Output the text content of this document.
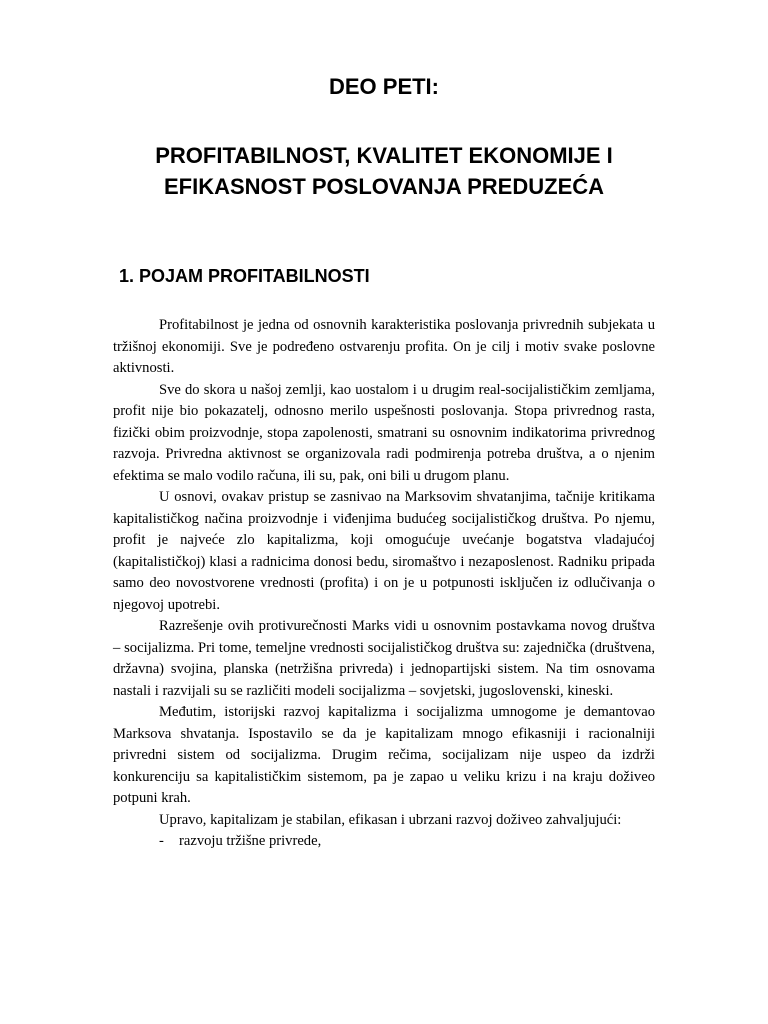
DEO PETI:
PROFITABILNOST, KVALITET EKONOMIJE I
EFIKASNOST POSLOVANJA PREDUZEĆA
1. POJAM PROFITABILNOSTI

Profitabilnost je jedna od osnovnih karakteristika poslovanja privrednih subjekata u tržišnoj ekonomiji. Sve je podređeno ostvarenju profita. On je cilj i motiv svake poslovne aktivnosti.

Sve do skora u našoj zemlji, kao uostalom i u drugim real-socijalističkim zemljama, profit nije bio pokazatelj, odnosno merilo uspešnosti poslovanja. Stopa privrednog rasta, fizički obim proizvodnje, stopa zapolenosti, smatrani su osnovnim indikatorima privrednog razvoja. Privredna aktivnost se organizovala radi podmirenja potreba društva, a o njenim efektima se malo vodilo računa, ili su, pak, oni bili u drugom planu.

U osnovi, ovakav pristup se zasnivao na Marksovim shvatanjima, tačnije kritikama kapitalističkog načina proizvodnje i viđenjima budućeg socijalističkog društva. Po njemu, profit je najveće zlo kapitalizma, koji omogućuje uvećanje bogatstva vladajućoj (kapitalističkoj) klasi a radnicima donosi bedu, siromaštvo i nezaposlenost. Radniku pripada samo deo novostvorene vrednosti (profita) i on je u potpunosti isključen iz odlučivanja o njegovoj upotrebi.

Razrešenje ovih protivurečnosti Marks vidi u osnovnim postavkama novog društva – socijalizma. Pri tome, temeljne vrednosti socijalističkog društva su: zajednička (društvena, državna) svojina, planska (netržišna privreda) i jednopartijski sistem. Na tim osnovama nastali i razvijali su se različiti modeli socijalizma – sovjetski, jugoslovenski, kineski.

Međutim, istorijski razvoj kapitalizma i socijalizma umnogome je demantovao Marksova shvatanja. Ispostavilo se da je kapitalizam mnogo efikasniji i racionalniji privredni sistem od socijalizma. Drugim rečima, socijalizam nije uspeo da izdrži konkurenciju sa kapitalističkim sistemom, pa je zapao u veliku krizu i na kraju doživeo potpuni krah.

Upravo, kapitalizam je stabilan, efikasan i ubrzani razvoj doživeo zahvaljujući:

-	razvoju tržišne privrede,
